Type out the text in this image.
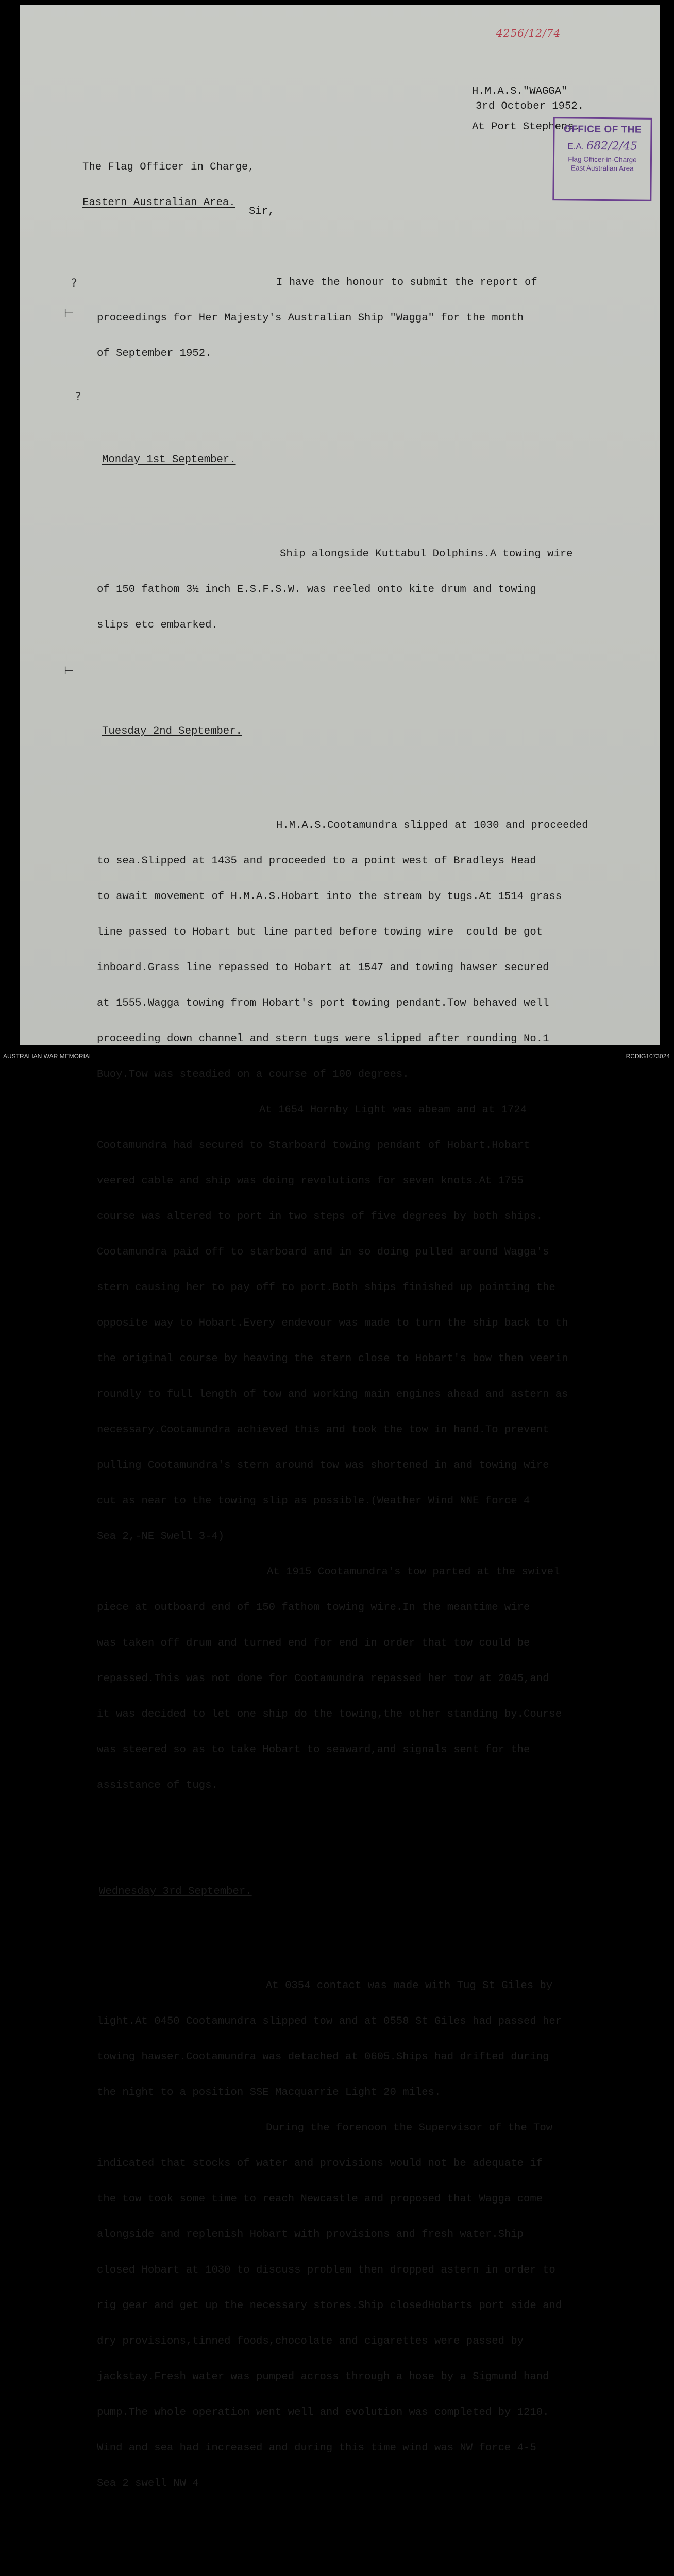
4256/12/74

H.M.A.S."WAGGA"

At Port Stephens.

3rd October 1952.
OFFICE OF THE
E.A. 682/2/45
Flag Officer-in-Charge
East Australian Area

The Flag Officer in Charge,

Eastern Australian Area.

?
?
⊢
⊢

Sir,

I have the honour to submit the report of

proceedings for Her Majesty's Australian Ship "Wagga" for the month

of September 1952.

Monday 1st September.

Ship alongside Kuttabul Dolphins.A towing wire

of 150 fathom 3½ inch E.S.F.S.W. was reeled onto kite drum and towing

slips etc embarked.

Tuesday 2nd September.

H.M.A.S.Cootamundra slipped at 1030 and proceeded

to sea.Slipped at 1435 and proceeded to a point west of Bradleys Head

to await movement of H.M.A.S.Hobart into the stream by tugs.At 1514 grass

line passed to Hobart but line parted before towing wire  could be got

inboard.Grass line repassed to Hobart at 1547 and towing hawser secured

at 1555.Wagga towing from Hobart's port towing pendant.Tow behaved well

proceeding down channel and stern tugs were slipped after rounding No.1

Buoy.Tow was steadied on a course of 100 degrees.

At 1654 Hornby Light was abeam and at 1724

Cootamundra had secured to Starboard towing pendant of Hobart.Hobart

veered cable and ship was doing revolutions for seven knots.At 1755

course was altered to port in two steps of five degrees by both ships.

Cootamundra paid off to starboard and in so doing pulled around Wagga's

stern causing her to pay off to port.Both ships finished up pointing the

opposite way to Hobart.Every endevour was made to turn the ship back to th

the original course by heaving the stern close to Hobart's bow then veerin

roundly to full length of tow and working main engines ahead and astern as

necessary.Cootamundra achieved this and took the tow in hand.To prevent

pulling Cootamundra's stern around tow was shortened in and towing wire

cut as near to the towing slip as possible.(Weather Wind NNE force 4

Sea 2,-NE Swell 3-4)

At 1915 Cootamundra's tow parted at the swivel

piece at outboard end of 150 fathom towing wire.In the meantime wire

was taken off drum and turned end for end in order that tow could be

repassed.This was not done for Cootamundra repassed her tow at 2045,and

it was decided to let one ship do the towing,the other standing by.Course

was steered so as to take Hobart to seaward,and signals sent for the

assistance of tugs.

Wednesday 3rd September.

At 0354 contact was made with Tug St Giles by

light.At 0450 Cootamundra slipped tow and at 0558 St Giles had passed her

towing hawser.Cootamundra was detached at 0605.Ships had drifted during

the night to a position SSE Macquarrie Light 20 miles.

During the forenoon the Supervisor of the Tow

indicated that stocks of water and provisions would not be adequate if

the tow took some time to reach Newcastle and proposed that Wagga come

alongside and replenish Hobart with provisions and fresh water.Ship

closed Hobart at 1030 to discuss problem then dropped astern in order to

rig gear and get up the necessary stores.Ship closedHobarts port side and

dry provisions,tinned foods,chocolate and cigarettes were passed by

jackstay.Fresh water was pumped across through a hose by a Sigmund hand

pump.The whole operation went well and evolution was completed by 1210.

Wind and sea had increased and during this time wind was NW force 4-5

Sea 2 swell NW 4

AUSTRALIAN WAR MEMORIAL	RCDIG1073024
